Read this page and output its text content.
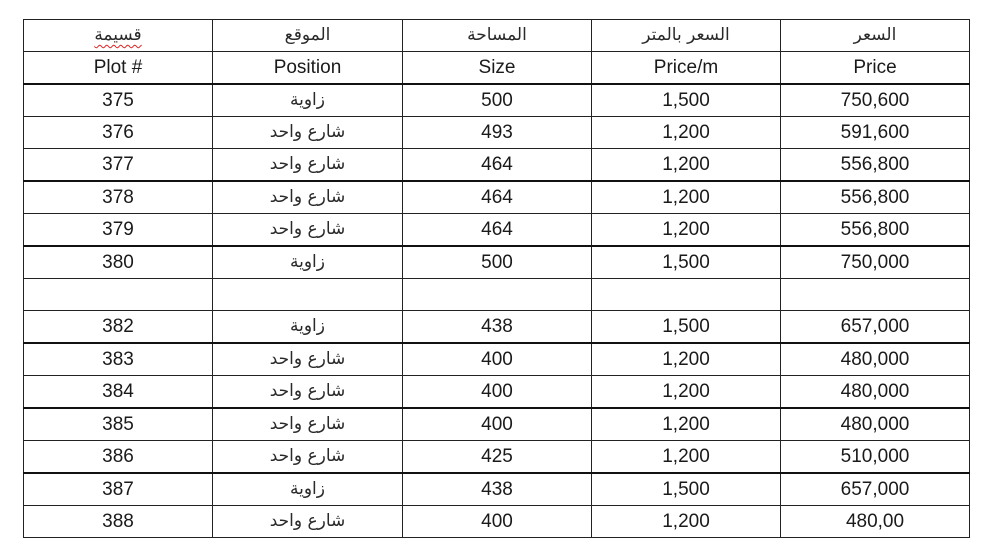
قسيمة	الموقع	المساحة	السعر بالمتر	السعر
Plot #	Position	Size	Price/m	Price
375	زاوية	500	1,500	750,600
376	شارع واحد	493	1,200	591,600
377	شارع واحد	464	1,200	556,800
378	شارع واحد	464	1,200	556,800
379	شارع واحد	464	1,200	556,800
380	زاوية	500	1,500	750,000

382	زاوية	438	1,500	657,000
383	شارع واحد	400	1,200	480,000
384	شارع واحد	400	1,200	480,000
385	شارع واحد	400	1,200	480,000
386	شارع واحد	425	1,200	510,000
387	زاوية	438	1,500	657,000
388	شارع واحد	400	1,200	480,00
